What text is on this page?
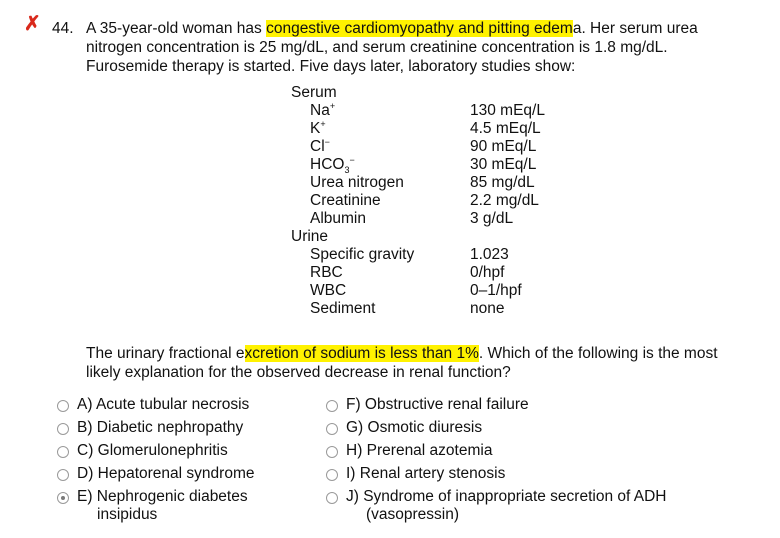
✗ 44. A 35-year-old woman has congestive cardiomyopathy and pitting edema. Her serum urea
nitrogen concentration is 25 mg/dL, and serum creatinine concentration is 1.8 mg/dL.
Furosemide therapy is started. Five days later, laboratory studies show:
Serum
Na+	130 mEq/L
K+	4.5 mEq/L
Cl−	90 mEq/L
$HCO_3^-$	30 mEq/L
Urea nitrogen	85 mg/dL
Creatinine	2.2 mg/dL
Albumin	3 g/dL
Urine
Specific gravity	1.023
RBC	0/hpf
WBC	0–1/hpf
Sediment	none
The urinary fractional excretion of sodium is less than 1%. Which of the following is the most
likely explanation for the observed decrease in renal function?
A) Acute tubular necrosis
B) Diabetic nephropathy
C) Glomerulonephritis
D) Hepatorenal syndrome
E) Nephrogenic diabetes
insipidus
F) Obstructive renal failure
G) Osmotic diuresis
H) Prerenal azotemia
I) Renal artery stenosis
J) Syndrome of inappropriate secretion of ADH
(vasopressin)
